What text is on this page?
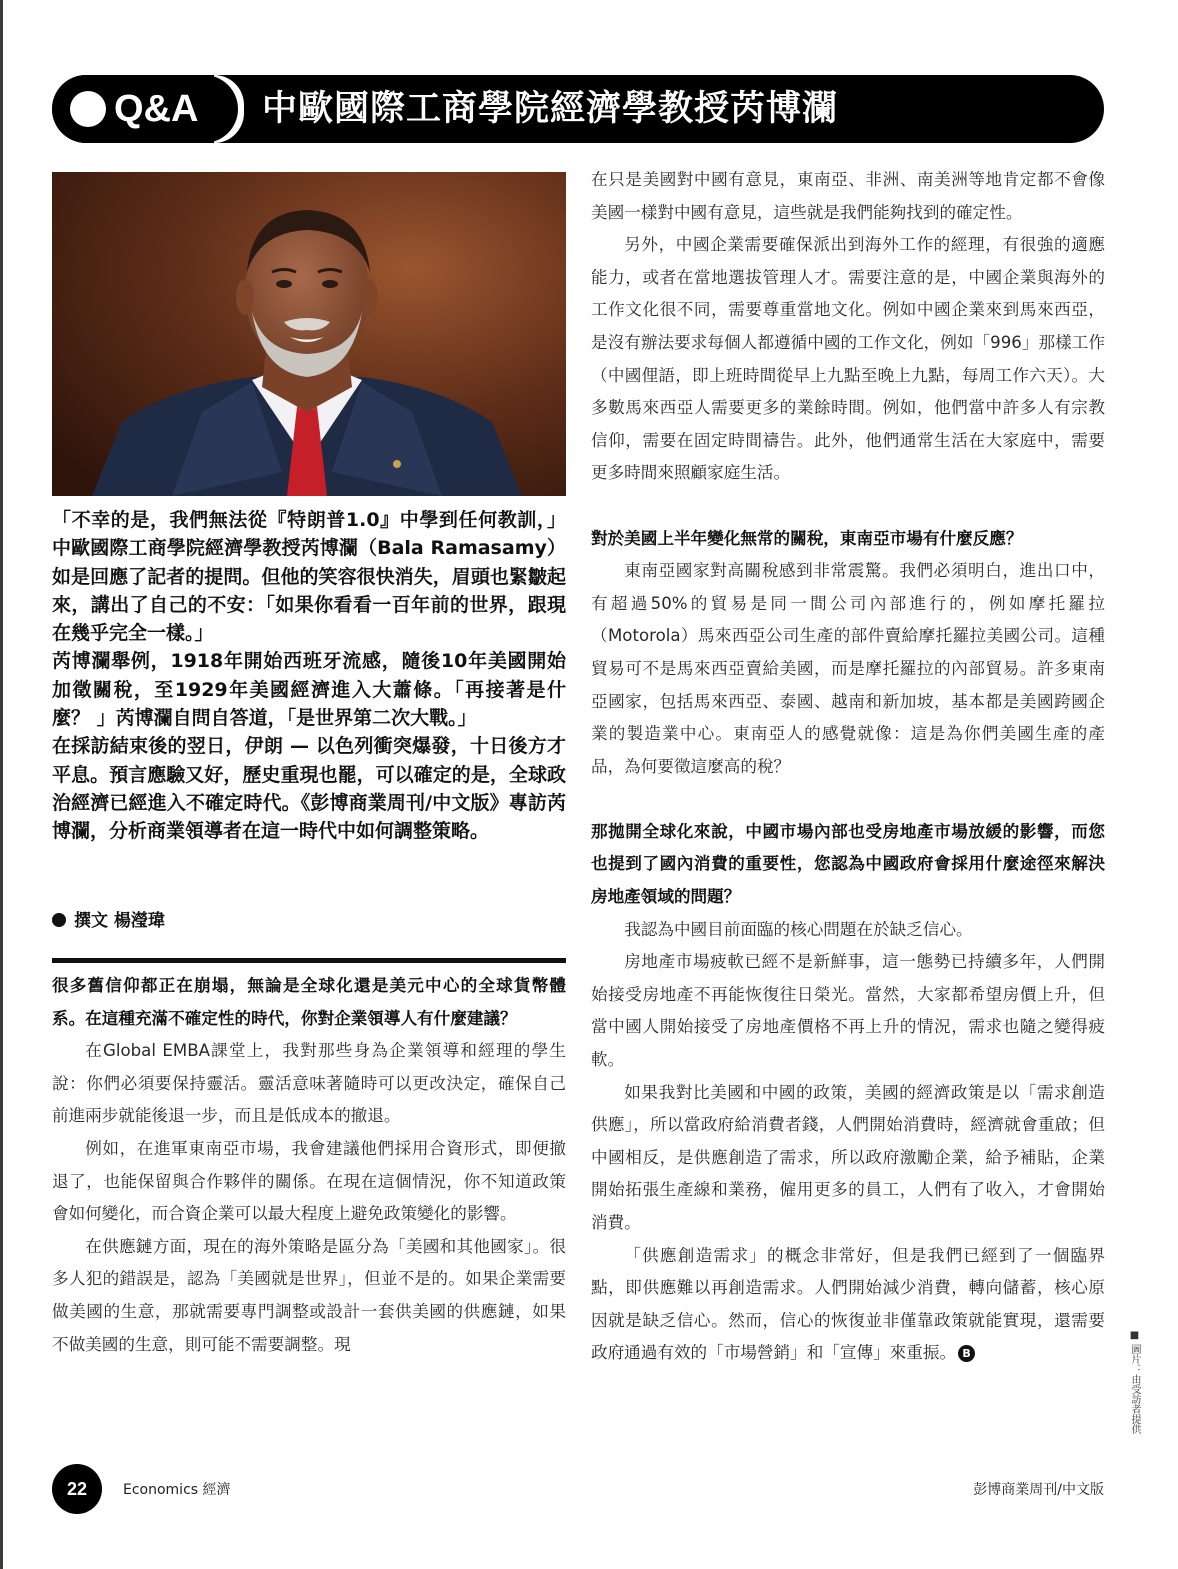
Q&A 中歐國際工商學院經濟學教授芮博瀾

「不幸的是，我們無法從『特朗普1.0』中學到任何教訓，」中歐國際工商學院經濟學教授芮博瀾（Bala Ramasamy）如是回應了記者的提問。但他的笑容很快消失，眉頭也緊皺起來，講出了自己的不安：「如果你看看一百年前的世界，跟現在幾乎完全一樣。」

芮博瀾舉例，1918年開始西班牙流感，隨後10年美國開始加徵關稅，至1929年美國經濟進入大蕭條。「再接著是什麼？ 」芮博瀾自問自答道，「是世界第二次大戰。」

在採訪結束後的翌日，伊朗 — 以色列衝突爆發，十日後方才平息。預言應驗又好，歷史重現也罷，可以確定的是，全球政治經濟已經進入不確定時代。《彭博商業周刊/中文版》專訪芮博瀾，分析商業領導者在這一時代中如何調整策略。

撰文 楊瀅瑋

很多舊信仰都正在崩塌，無論是全球化還是美元中心的全球貨幣體系。在這種充滿不確定性的時代，你對企業領導人有什麼建議？

在Global EMBA課堂上，我對那些身為企業領導和經理的學生說：你們必須要保持靈活。靈活意味著隨時可以更改決定，確保自己前進兩步就能後退一步，而且是低成本的撤退。

例如，在進軍東南亞市場，我會建議他們採用合資形式，即便撤退了，也能保留與合作夥伴的關係。在現在這個情況，你不知道政策會如何變化，而合資企業可以最大程度上避免政策變化的影響。

在供應鏈方面，現在的海外策略是區分為「美國和其他國家」。很多人犯的錯誤是，認為「美國就是世界」，但並不是的。如果企業需要做美國的生意，那就需要專門調整或設計一套供美國的供應鏈，如果不做美國的生意，則可能不需要調整。現

在只是美國對中國有意見，東南亞、非洲、南美洲等地肯定都不會像美國一樣對中國有意見，這些就是我們能夠找到的確定性。

另外，中國企業需要確保派出到海外工作的經理，有很強的適應能力，或者在當地選拔管理人才。需要注意的是，中國企業與海外的工作文化很不同，需要尊重當地文化。例如中國企業來到馬來西亞，是沒有辦法要求每個人都遵循中國的工作文化，例如「996」那樣工作（中國俚語，即上班時間從早上九點至晚上九點，每周工作六天）。大多數馬來西亞人需要更多的業餘時間。例如，他們當中許多人有宗教信仰，需要在固定時間禱告。此外，他們通常生活在大家庭中，需要更多時間來照顧家庭生活。

對於美國上半年變化無常的關稅，東南亞市場有什麼反應？

東南亞國家對高關稅感到非常震驚。我們必須明白，進出口中，有超過50%的貿易是同一間公司內部進行的，例如摩托羅拉（Motorola）馬來西亞公司生產的部件賣給摩托羅拉美國公司。這種貿易可不是馬來西亞賣給美國，而是摩托羅拉的內部貿易。許多東南亞國家，包括馬來西亞、泰國、越南和新加坡，基本都是美國跨國企業的製造業中心。東南亞人的感覺就像：這是為你們美國生產的產品，為何要徵這麼高的稅？

那拋開全球化來說，中國市場內部也受房地產市場放緩的影響，而您也提到了國內消費的重要性，您認為中國政府會採用什麼途徑來解決房地產領域的問題？

我認為中國目前面臨的核心問題在於缺乏信心。

房地產市場疲軟已經不是新鮮事，這一態勢已持續多年，人們開始接受房地產不再能恢復往日榮光。當然，大家都希望房價上升，但當中國人開始接受了房地產價格不再上升的情況，需求也隨之變得疲軟。

如果我對比美國和中國的政策，美國的經濟政策是以「需求創造供應」，所以當政府給消費者錢，人們開始消費時，經濟就會重啟；但中國相反，是供應創造了需求，所以政府激勵企業，給予補貼，企業開始拓張生產線和業務，僱用更多的員工，人們有了收入，才會開始消費。

「供應創造需求」的概念非常好，但是我們已經到了一個臨界點，即供應難以再創造需求。人們開始減少消費，轉向儲蓄，核心原因就是缺乏信心。然而，信心的恢復並非僅靠政策就能實現，還需要政府通過有效的「市場營銷」和「宣傳」來重振。 B	■ 圖片：由受訪者提供
22	Economics 經濟	彭博商業周刊/中文版
